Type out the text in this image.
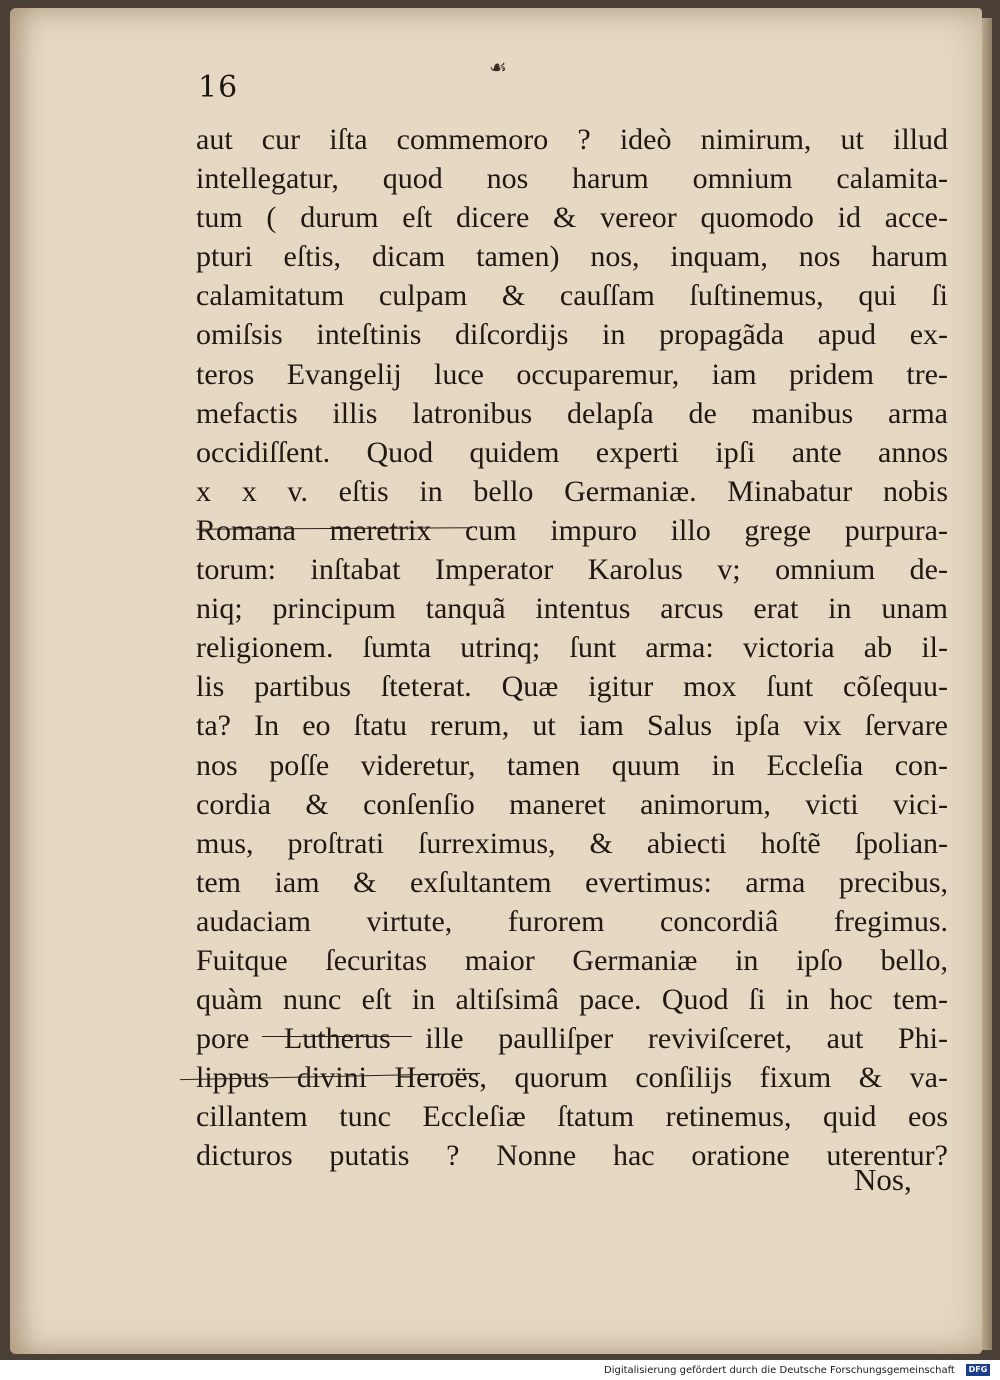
☙
16
aut cur iſta commemoro ? ideò nimirum, ut illud
intellegatur, quod nos harum omnium calamita-
tum ( durum eſt dicere & vereor quomodo id acce-
pturi eſtis, dicam tamen) nos, inquam, nos harum
calamitatum culpam & cauſſam ſuſtinemus, qui ſi
omiſsis inteſtinis diſcordijs in propagãda apud ex-
teros Evangelij luce occuparemur, iam pridem tre-
mefactis illis latronibus delapſa de manibus arma
occidiſſent. Quod quidem experti ipſi ante annos
x x v. eſtis in bello Germaniæ. Minabatur nobis
Romana meretrix cum impuro illo grege purpura-
torum: inſtabat Imperator Karolus v; omnium de-
niq; principum tanquã intentus arcus erat in unam
religionem. ſumta utrinq; ſunt arma: victoria ab il-
lis partibus ſteterat. Quæ igitur mox ſunt cõſequu-
ta? In eo ſtatu rerum, ut iam Salus ipſa vix ſervare
nos poſſe videretur, tamen quum in Eccleſia con-
cordia & conſenſio maneret animorum, victi vici-
mus, proſtrati ſurreximus, & abiecti hoſtẽ ſpolian-
tem iam & exſultantem evertimus: arma precibus,
audaciam virtute, furorem concordiâ fregimus.
Fuitque ſecuritas maior Germaniæ in ipſo bello,
quàm nunc eſt in altiſsimâ pace. Quod ſi in hoc tem-
pore Lutherus ille paulliſper reviviſceret, aut Phi-
lippus divini Heroës, quorum conſilijs fixum & va-
cillantem tunc Eccleſiæ ſtatum retinemus, quid eos
dicturos putatis ? Nonne hac oratione uterentur?
Nos,
Digitalisierung gefördert durch die Deutsche Forschungsgemeinschaft	DFG
